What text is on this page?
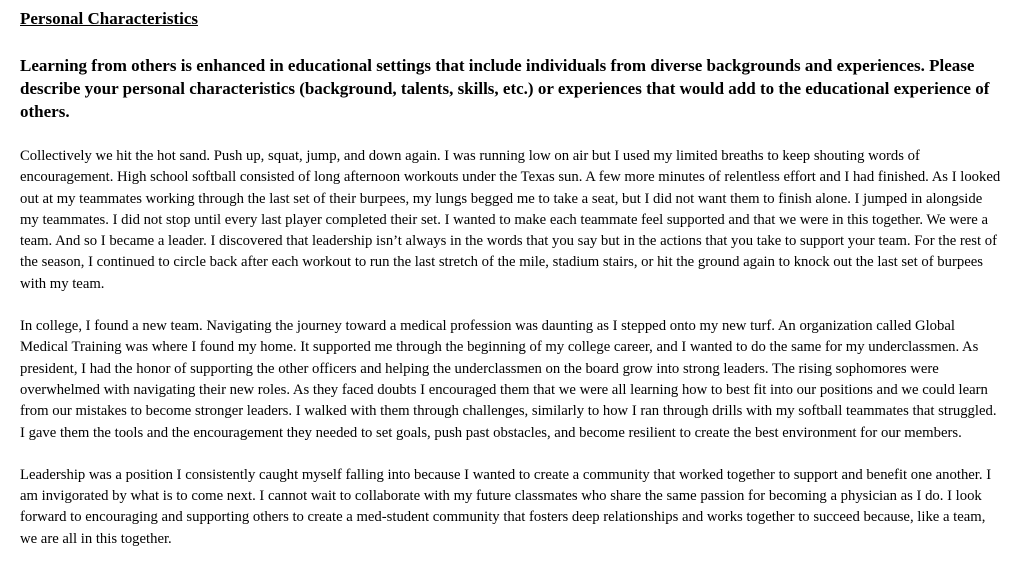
Personal Characteristics
Learning from others is enhanced in educational settings that include individuals from diverse backgrounds and experiences. Please describe your personal characteristics (background, talents, skills, etc.) or experiences that would add to the educational experience of others.

Collectively we hit the hot sand. Push up, squat, jump, and down again. I was running low on air but I used my limited breaths to keep shouting words of encouragement. High school softball consisted of long afternoon workouts under the Texas sun. A few more minutes of relentless effort and I had finished. As I looked out at my teammates working through the last set of their burpees, my lungs begged me to take a seat, but I did not want them to finish alone. I jumped in alongside my teammates. I did not stop until every last player completed their set. I wanted to make each teammate feel supported and that we were in this together. We were a team. And so I became a leader. I discovered that leadership isn’t always in the words that you say but in the actions that you take to support your team. For the rest of the season, I continued to circle back after each workout to run the last stretch of the mile, stadium stairs, or hit the ground again to knock out the last set of burpees with my team.

In college, I found a new team. Navigating the journey toward a medical profession was daunting as I stepped onto my new turf. An organization called Global Medical Training was where I found my home. It supported me through the beginning of my college career, and I wanted to do the same for my underclassmen. As president, I had the honor of supporting the other officers and helping the underclassmen on the board grow into strong leaders. The rising sophomores were overwhelmed with navigating their new roles. As they faced doubts I encouraged them that we were all learning how to best fit into our positions and we could learn from our mistakes to become stronger leaders. I walked with them through challenges, similarly to how I ran through drills with my softball teammates that struggled. I gave them the tools and the encouragement they needed to set goals, push past obstacles, and become resilient to create the best environment for our members.

Leadership was a position I consistently caught myself falling into because I wanted to create a community that worked together to support and benefit one another. I am invigorated by what is to come next. I cannot wait to collaborate with my future classmates who share the same passion for becoming a physician as I do. I look forward to encouraging and supporting others to create a med-student community that fosters deep relationships and works together to succeed because, like a team, we are all in this together.
